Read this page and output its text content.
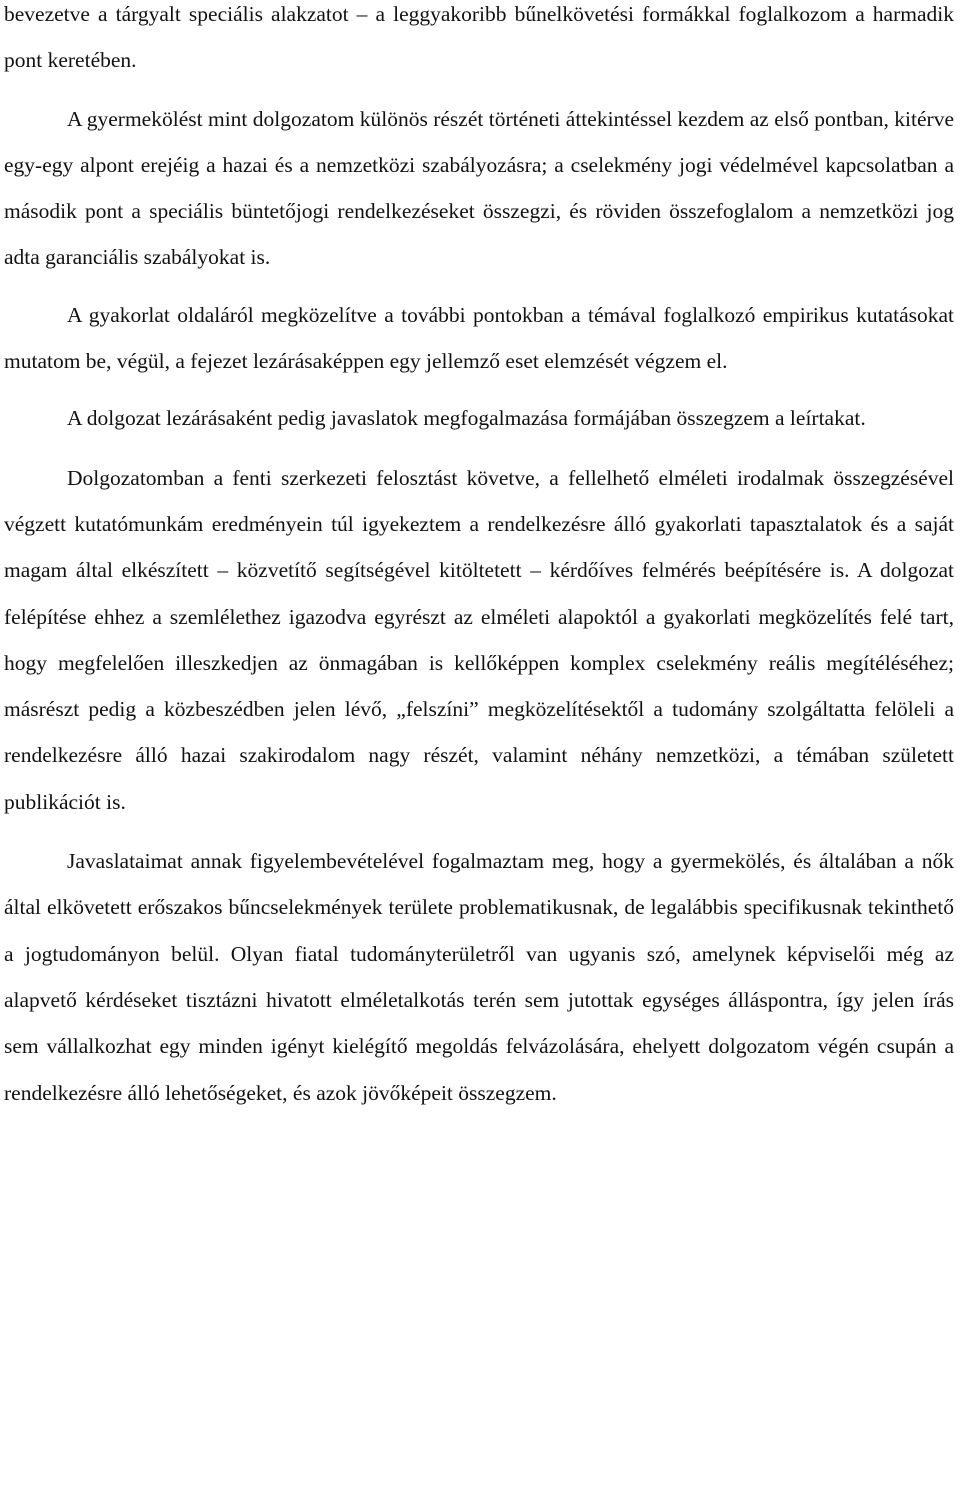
bevezetve a tárgyalt speciális alakzatot – a leggyakoribb bűnelkövetési formákkal foglalkozom a harmadik pont keretében.

A gyermekölést mint dolgozatom különös részét történeti áttekintéssel kezdem az első pontban, kitérve egy-egy alpont erejéig a hazai és a nemzetközi szabályozásra; a cselekmény jogi védelmével kapcsolatban a második pont a speciális büntetőjogi rendelkezéseket összegzi, és röviden összefoglalom a nemzetközi jog adta garanciális szabályokat is.

A gyakorlat oldaláról megközelítve a további pontokban a témával foglalkozó empirikus kutatásokat mutatom be, végül, a fejezet lezárásaképpen egy jellemző eset elemzését végzem el.

A dolgozat lezárásaként pedig javaslatok megfogalmazása formájában összegzem a leírtakat.

Dolgozatomban a fenti szerkezeti felosztást követve, a fellelhető elméleti irodalmak összegzésével végzett kutatómunkám eredményein túl igyekeztem a rendelkezésre álló gyakorlati tapasztalatok és a saját magam által elkészített – közvetítő segítségével kitöltetett – kérdőíves felmérés beépítésére is. A dolgozat felépítése ehhez a szemlélethez igazodva egyrészt az elméleti alapoktól a gyakorlati megközelítés felé tart, hogy megfelelően illeszkedjen az önmagában is kellőképpen komplex cselekmény reális megítéléséhez; másrészt pedig a közbeszédben jelen lévő, „felszíni” megközelítésektől a tudomány szolgáltatta felöleli a rendelkezésre álló hazai szakirodalom nagy részét, valamint néhány nemzetközi, a témában született publikációt is.

Javaslataimat annak figyelembevételével fogalmaztam meg, hogy a gyermekölés, és általában a nők által elkövetett erőszakos bűncselekmények területe problematikusnak, de legalábbis specifikusnak tekinthető a jogtudományon belül. Olyan fiatal tudományterületről van ugyanis szó, amelynek képviselői még az alapvető kérdéseket tisztázni hivatott elméletalkotás terén sem jutottak egységes álláspontra, így jelen írás sem vállalkozhat egy minden igényt kielégítő megoldás felvázolására, ehelyett dolgozatom végén csupán a rendelkezésre álló lehetőségeket, és azok jövőképeit összegzem.
